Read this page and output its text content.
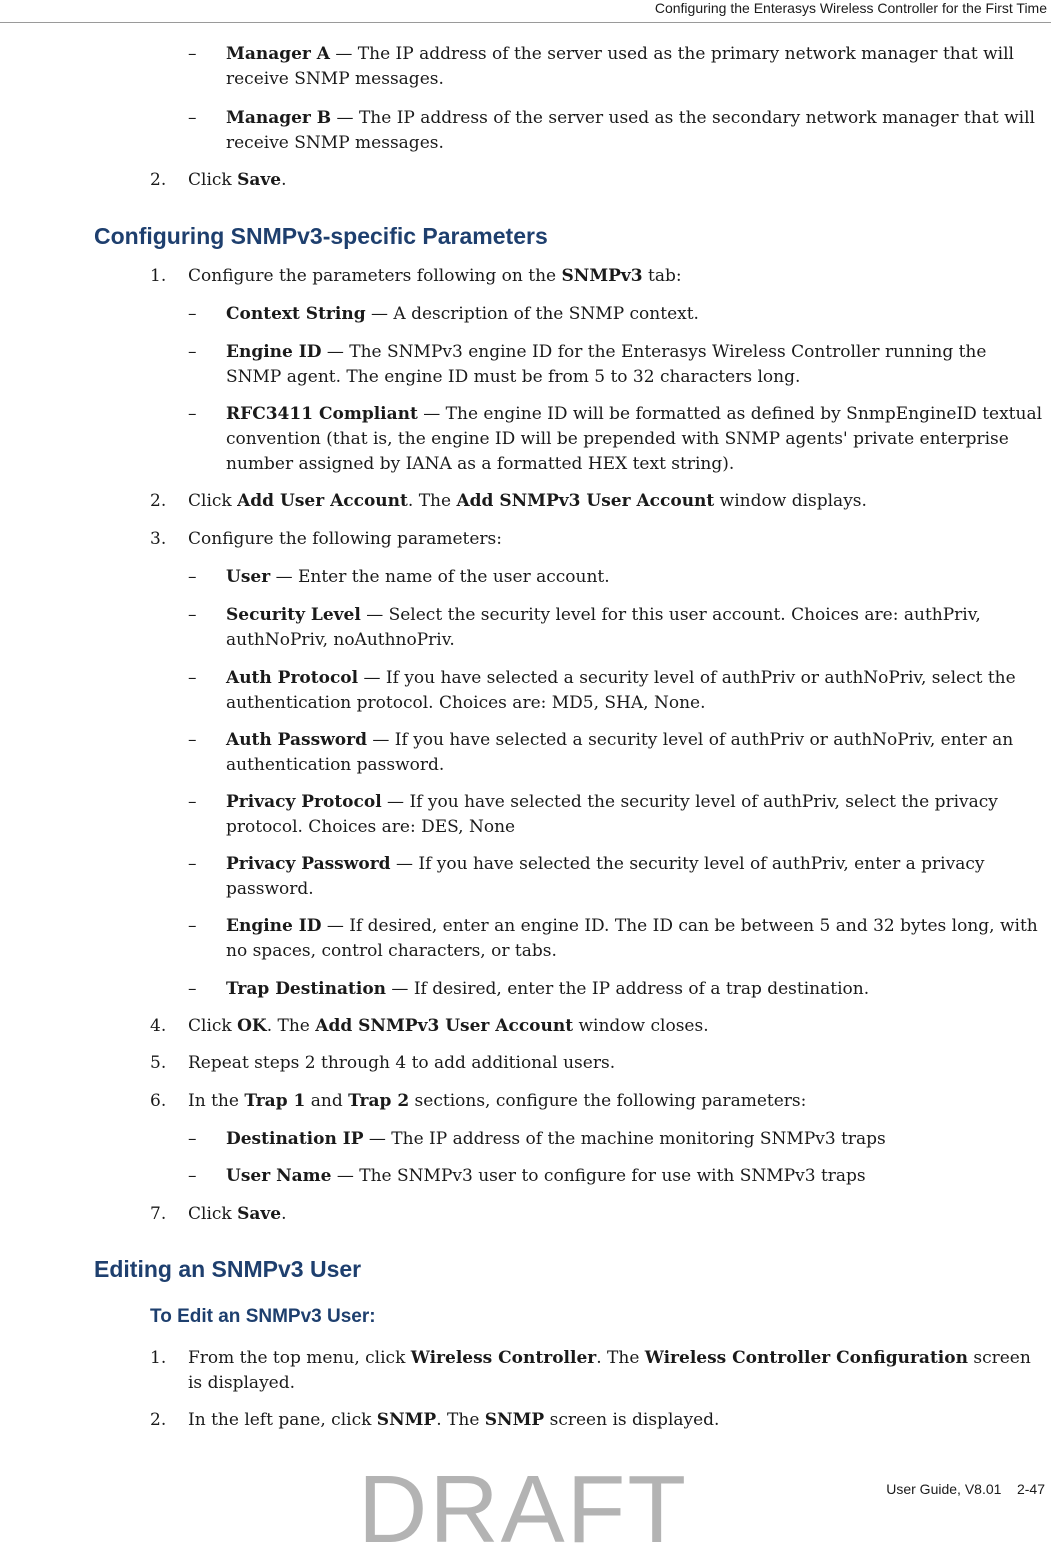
Configuring the Enterasys Wireless Controller for the First Time
– Manager A — The IP address of the server used as the primary network manager that will receive SNMP messages.
– Manager B — The IP address of the server used as the secondary network manager that will receive SNMP messages.
2. Click Save.
Configuring SNMPv3-specific Parameters
1. Configure the parameters following on the SNMPv3 tab:
– Context String — A description of the SNMP context.
– Engine ID — The SNMPv3 engine ID for the Enterasys Wireless Controller running the SNMP agent. The engine ID must be from 5 to 32 characters long.
– RFC3411 Compliant — The engine ID will be formatted as defined by SnmpEngineID textual convention (that is, the engine ID will be prepended with SNMP agents' private enterprise number assigned by IANA as a formatted HEX text string).
2. Click Add User Account. The Add SNMPv3 User Account window displays.
3. Configure the following parameters:
– User — Enter the name of the user account.
– Security Level — Select the security level for this user account. Choices are: authPriv, authNoPriv, noAuthnoPriv.
– Auth Protocol — If you have selected a security level of authPriv or authNoPriv, select the authentication protocol. Choices are: MD5, SHA, None.
– Auth Password — If you have selected a security level of authPriv or authNoPriv, enter an authentication password.
– Privacy Protocol — If you have selected the security level of authPriv, select the privacy protocol. Choices are: DES, None
– Privacy Password — If you have selected the security level of authPriv, enter a privacy password.
– Engine ID — If desired, enter an engine ID. The ID can be between 5 and 32 bytes long, with no spaces, control characters, or tabs.
– Trap Destination — If desired, enter the IP address of a trap destination.
4. Click OK. The Add SNMPv3 User Account window closes.
5. Repeat steps 2 through 4 to add additional users.
6. In the Trap 1 and Trap 2 sections, configure the following parameters:
– Destination IP — The IP address of the machine monitoring SNMPv3 traps
– User Name — The SNMPv3 user to configure for use with SNMPv3 traps
7. Click Save.
Editing an SNMPv3 User
To Edit an SNMPv3 User:
1. From the top menu, click Wireless Controller. The Wireless Controller Configuration screen is displayed.
2. In the left pane, click SNMP. The SNMP screen is displayed.
User Guide, V8.01    2-47
DRAFT
